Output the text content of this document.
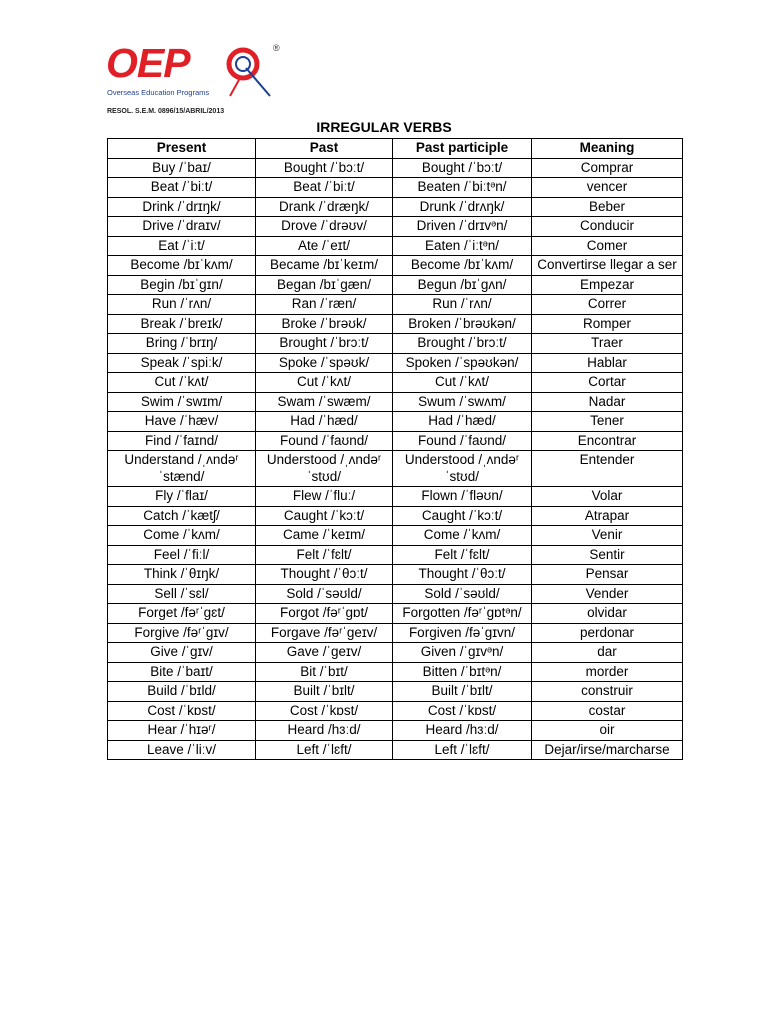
OEP
Overseas Education Programs
®
RESOL. S.E.M. 0896/15/ABRIL/2013
IRREGULAR VERBS
Present	Past	Past participle	Meaning
Buy /ˈbaɪ/	Bought /ˈbɔːt/	Bought /ˈbɔːt/	Comprar
Beat /ˈbiːt/	Beat /ˈbiːt/	Beaten /ˈbiːtᵊn/	vencer
Drink /ˈdrɪŋk/	Drank /ˈdræŋk/	Drunk /ˈdrʌŋk/	Beber
Drive /ˈdraɪv/	Drove /ˈdrəʊv/	Driven /ˈdrɪvᵊn/	Conducir
Eat /ˈiːt/	Ate /ˈeɪt/	Eaten /ˈiːtᵊn/	Comer
Become /bɪˈkʌm/	Became /bɪˈkeɪm/	Become /bɪˈkʌm/	Convertirse llegar a ser
Begin /bɪˈgɪn/	Began /bɪˈgæn/	Begun /bɪˈgʌn/	Empezar
Run /ˈrʌn/	Ran /ˈræn/	Run /ˈrʌn/	Correr
Break /ˈbreɪk/	Broke /ˈbrəʊk/	Broken /ˈbrəʊkən/	Romper
Bring /ˈbrɪŋ/	Brought /ˈbrɔːt/	Brought /ˈbrɔːt/	Traer
Speak /ˈspiːk/	Spoke /ˈspəʊk/	Spoken /ˈspəʊkən/	Hablar
Cut /ˈkʌt/	Cut /ˈkʌt/	Cut /ˈkʌt/	Cortar
Swim /ˈswɪm/	Swam /ˈswæm/	Swum /ˈswʌm/	Nadar
Have /ˈhæv/	Had /ˈhæd/	Had /ˈhæd/	Tener
Find /ˈfaɪnd/	Found /ˈfaʊnd/	Found /ˈfaʊnd/	Encontrar
Understand /ˌʌndəʳˈstænd/	Understood /ˌʌndəʳˈstʊd/	Understood /ˌʌndəʳˈstʊd/	Entender
Fly /ˈflaɪ/	Flew /ˈfluː/	Flown /ˈfləʊn/	Volar
Catch /ˈkætʃ/	Caught /ˈkɔːt/	Caught /ˈkɔːt/	Atrapar
Come /ˈkʌm/	Came /ˈkeɪm/	Come /ˈkʌm/	Venir
Feel /ˈfiːl/	Felt /ˈfɛlt/	Felt /ˈfɛlt/	Sentir
Think /ˈθɪŋk/	Thought /ˈθɔːt/	Thought /ˈθɔːt/	Pensar
Sell /ˈsɛl/	Sold /ˈsəʊld/	Sold /ˈsəʊld/	Vender
Forget /fəʳˈgɛt/	Forgot /fəʳˈgɒt/	Forgotten /fəʳˈgɒtᵊn/	olvidar
Forgive /fəʳˈgɪv/	Forgave /fəʳˈgeɪv/	Forgiven /fəˈgɪvn/	perdonar
Give /ˈgɪv/	Gave /ˈgeɪv/	Given /ˈgɪvᵊn/	dar
Bite /ˈbaɪt/	Bit /ˈbɪt/	Bitten /ˈbɪtᵊn/	morder
Build /ˈbɪld/	Built /ˈbɪlt/	Built /ˈbɪlt/	construir
Cost /ˈkɒst/	Cost /ˈkɒst/	Cost /ˈkɒst/	costar
Hear /ˈhɪəʳ/	Heard /hɜːd/	Heard /hɜːd/	oir
Leave /ˈliːv/	Left /ˈlɛft/	Left /ˈlɛft/	Dejar/irse/marcharse
